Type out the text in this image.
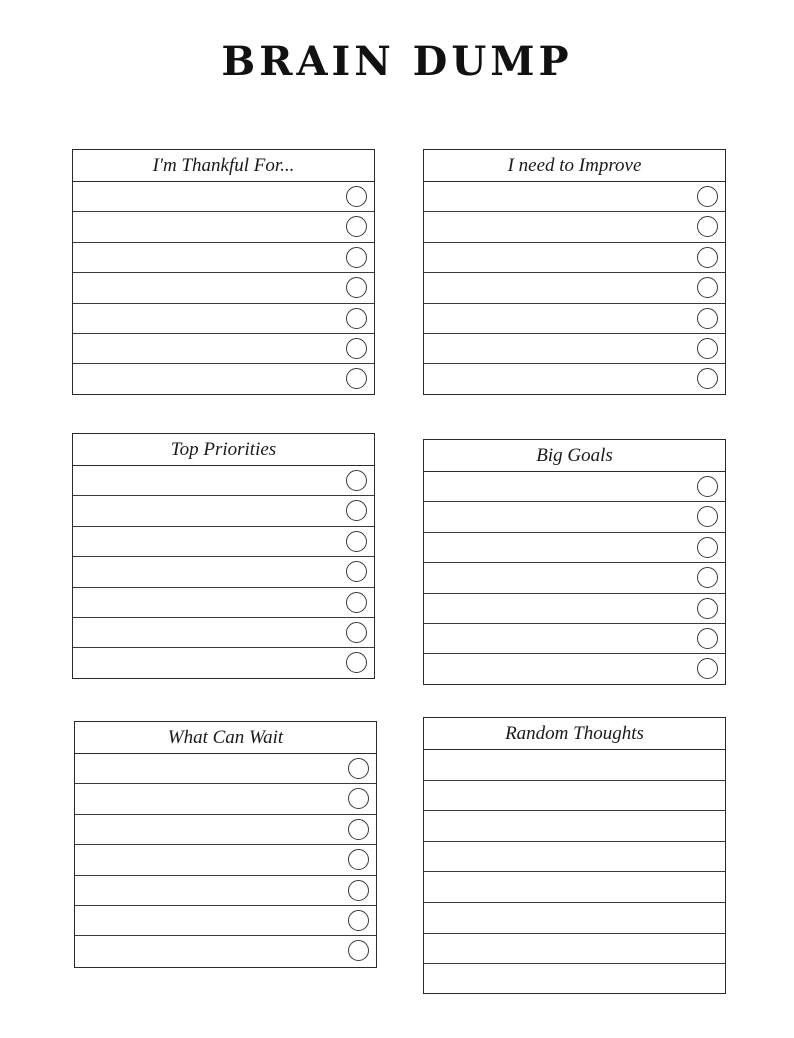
BRAIN DUMP
I'm Thankful For...	I need to Improve
Top Priorities	Big Goals
What Can Wait	Random Thoughts
